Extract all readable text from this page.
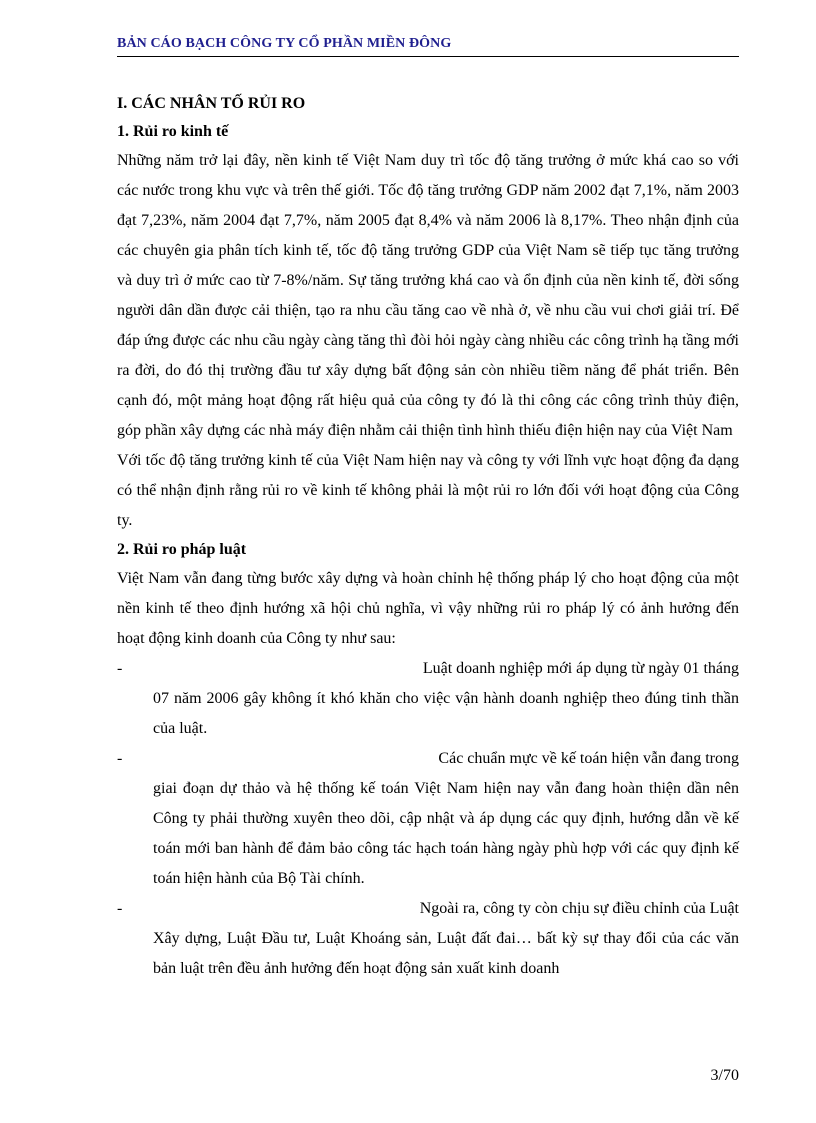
BẢN CÁO BẠCH CÔNG TY CỔ PHẦN MIỀN ĐÔNG
I. CÁC NHÂN TỐ RỦI RO
1. Rủi ro kinh tế

Những năm trở lại đây, nền kinh tế Việt Nam duy trì tốc độ tăng trưởng ở mức khá cao so với các nước trong khu vực và trên thế giới. Tốc độ tăng trưởng GDP năm 2002 đạt 7,1%, năm 2003 đạt 7,23%, năm 2004 đạt 7,7%, năm 2005 đạt 8,4% và năm 2006 là 8,17%. Theo nhận định của các chuyên gia phân tích kinh tế, tốc độ tăng trưởng GDP của Việt Nam sẽ tiếp tục tăng trưởng và duy trì ở mức cao từ 7-8%/năm. Sự tăng trưởng khá cao và ổn định của nền kinh tế, đời sống người dân dần được cải thiện, tạo ra nhu cầu tăng cao về nhà ở, về nhu cầu vui chơi giải trí. Để đáp ứng được các nhu cầu ngày càng tăng thì đòi hỏi ngày càng nhiều các công trình hạ tầng mới ra đời, do đó thị trường đầu tư xây dựng bất động sản còn nhiều tiềm năng để phát triển. Bên cạnh đó, một mảng hoạt động rất hiệu quả của công ty đó là thi công các công trình thủy điện, góp phần xây dựng các nhà máy điện nhằm cải thiện tình hình thiếu điện hiện nay của Việt Nam

Với tốc độ tăng trưởng kinh tế của Việt Nam hiện nay và công ty với lĩnh vực hoạt động đa dạng có thể nhận định rằng rủi ro về kinh tế không phải là một rủi ro lớn đối với hoạt động của Công ty.

2. Rủi ro pháp luật

Việt Nam vẫn đang từng bước xây dựng và hoàn chỉnh hệ thống pháp lý cho hoạt động của một nền kinh tế theo định hướng xã hội chủ nghĩa, vì vậy những rủi ro pháp lý có ảnh hưởng đến hoạt động kinh doanh của Công ty như sau:

-	Luật doanh nghiệp mới áp dụng từ ngày 01 tháng
07 năm 2006 gây không ít khó khăn cho việc vận hành doanh nghiệp theo đúng tinh thần của luật.
-	Các chuẩn mực về kế toán hiện vẫn đang trong
giai đoạn dự thảo và hệ thống kế toán Việt Nam hiện nay vẫn đang hoàn thiện dần nên Công ty phải thường xuyên theo dõi, cập nhật và áp dụng các quy định, hướng dẫn về kế toán mới ban hành để đảm bảo công tác hạch toán hàng ngày phù hợp với các quy định kế toán hiện hành của Bộ Tài chính.
-	Ngoài ra, công ty còn chịu sự điều chỉnh của Luật
Xây dựng, Luật Đầu tư, Luật Khoáng sản, Luật đất đai… bất kỳ sự thay đổi của các văn bản luật trên đều ảnh hưởng đến hoạt động sản xuất kinh doanh
3/70
